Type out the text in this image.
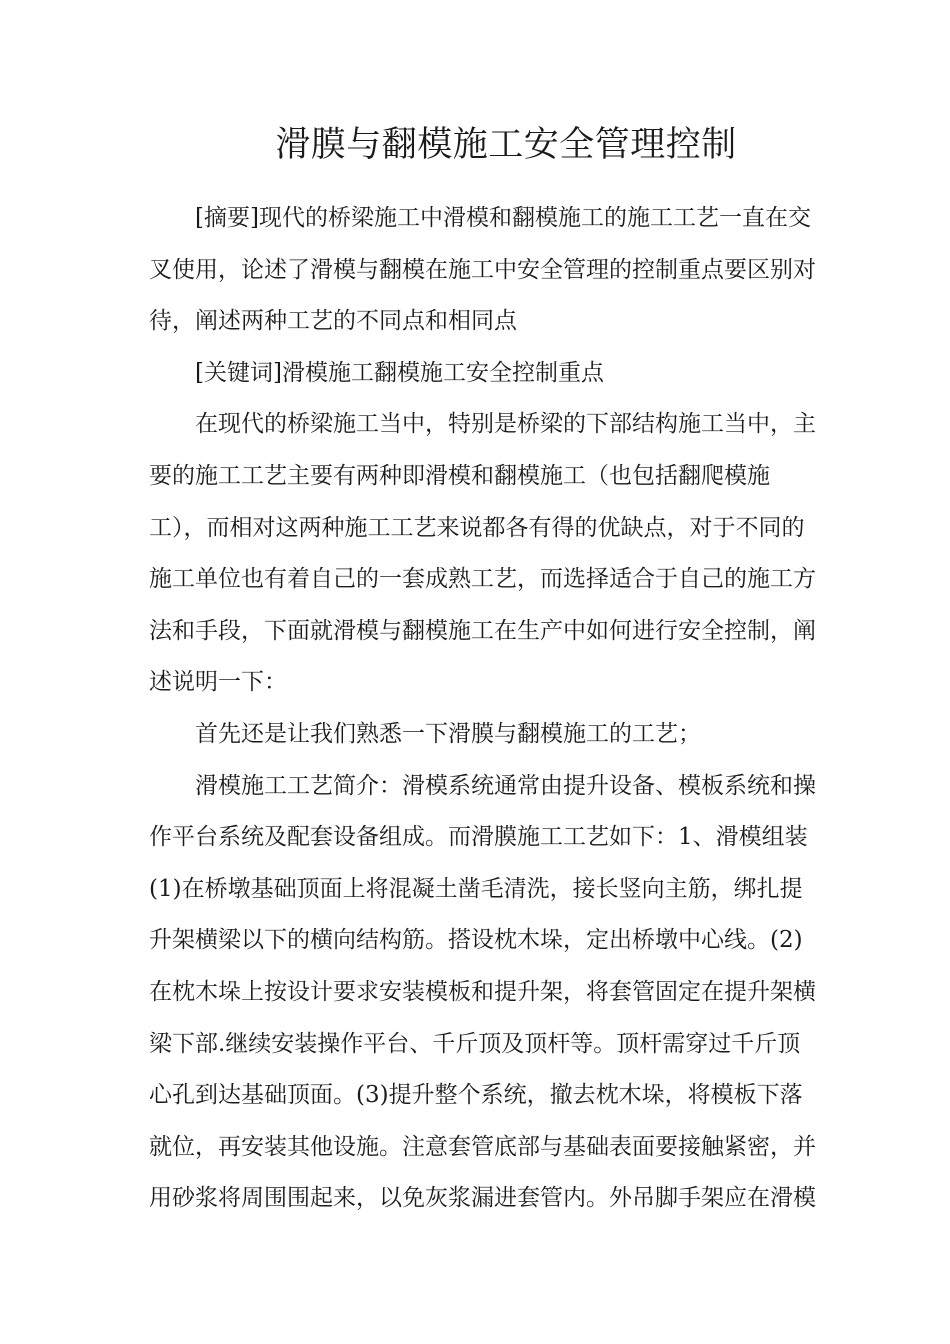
滑膜与翻模施工安全管理控制

[摘要]现代的桥梁施工中滑模和翻模施工的施工工艺一直在交

叉使用，论述了滑模与翻模在施工中安全管理的控制重点要区别对

待，阐述两种工艺的不同点和相同点

[关键词]滑模施工翻模施工安全控制重点

在现代的桥梁施工当中，特别是桥梁的下部结构施工当中，主

要的施工工艺主要有两种即滑模和翻模施工（也包括翻爬模施

工），而相对这两种施工工艺来说都各有得的优缺点，对于不同的

施工单位也有着自己的一套成熟工艺，而选择适合于自己的施工方

法和手段，下面就滑模与翻模施工在生产中如何进行安全控制，阐

述说明一下：

首先还是让我们熟悉一下滑膜与翻模施工的工艺；

滑模施工工艺简介：滑模系统通常由提升设备、模板系统和操

作平台系统及配套设备组成。而滑膜施工工艺如下：1、滑模组装

(1)在桥墩基础顶面上将混凝土凿毛清洗，接长竖向主筋，绑扎提

升架横梁以下的横向结构筋。搭设枕木垛，定出桥墩中心线。(2)

在枕木垛上按设计要求安装模板和提升架，将套管固定在提升架横

梁下部.继续安装操作平台、千斤顶及顶杆等。顶杆需穿过千斤顶

心孔到达基础顶面。(3)提升整个系统，撤去枕木垛，将模板下落

就位，再安装其他设施。注意套管底部与基础表面要接触紧密，并

用砂浆将周围围起来，以免灰浆漏进套管内。外吊脚手架应在滑模
